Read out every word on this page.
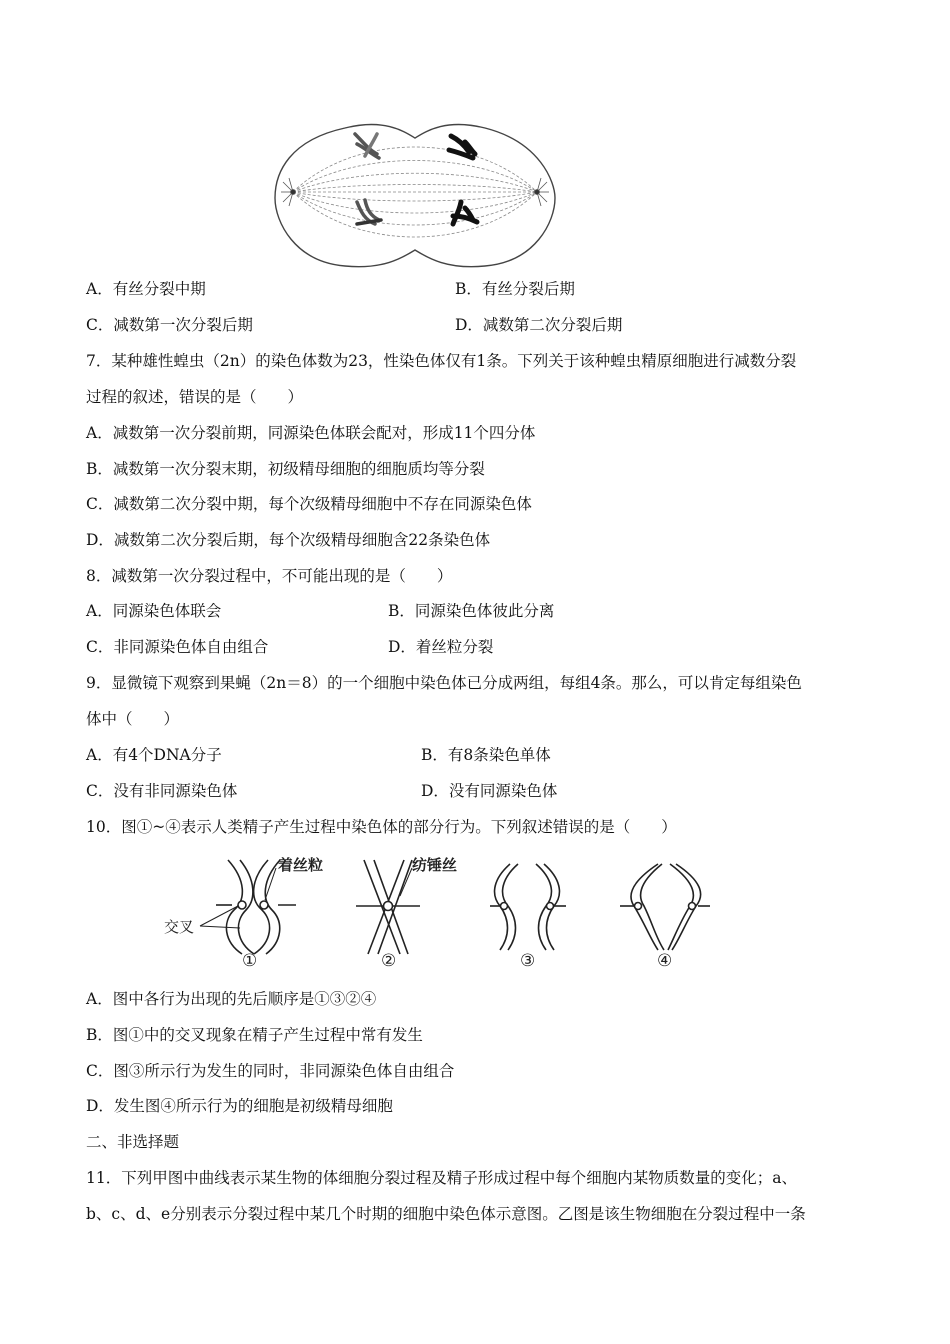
A．有丝分裂中期	B．有丝分裂后期
C．减数第一次分裂后期	D．减数第二次分裂后期
7．某种雄性蝗虫（2n）的染色体数为23，性染色体仅有1条。下列关于该种蝗虫精原细胞进行减数分裂
过程的叙述，错误的是（　　）
A．减数第一次分裂前期，同源染色体联会配对，形成11个四分体
B．减数第一次分裂末期，初级精母细胞的细胞质均等分裂
C．减数第二次分裂中期，每个次级精母细胞中不存在同源染色体
D．减数第二次分裂后期，每个次级精母细胞含22条染色体
8．减数第一次分裂过程中，不可能出现的是（　　）
A．同源染色体联会	B．同源染色体彼此分离
C．非同源染色体自由组合	D．着丝粒分裂
9．显微镜下观察到果蝇（2n＝8）的一个细胞中染色体已分成两组，每组4条。那么，可以肯定每组染色
体中（　　）
A．有4个DNA分子	B．有8条染色单体
C．没有非同源染色体	D．没有同源染色体
10．图①~④表示人类精子产生过程中染色体的部分行为。下列叙述错误的是（　　）
着丝粒	纺锤丝
交叉
①	②	③	④
A．图中各行为出现的先后顺序是①③②④
B．图①中的交叉现象在精子产生过程中常有发生
C．图③所示行为发生的同时，非同源染色体自由组合
D．发生图④所示行为的细胞是初级精母细胞
二、非选择题
11．下列甲图中曲线表示某生物的体细胞分裂过程及精子形成过程中每个细胞内某物质数量的变化；a、
b、c、d、e分别表示分裂过程中某几个时期的细胞中染色体示意图。乙图是该生物细胞在分裂过程中一条
